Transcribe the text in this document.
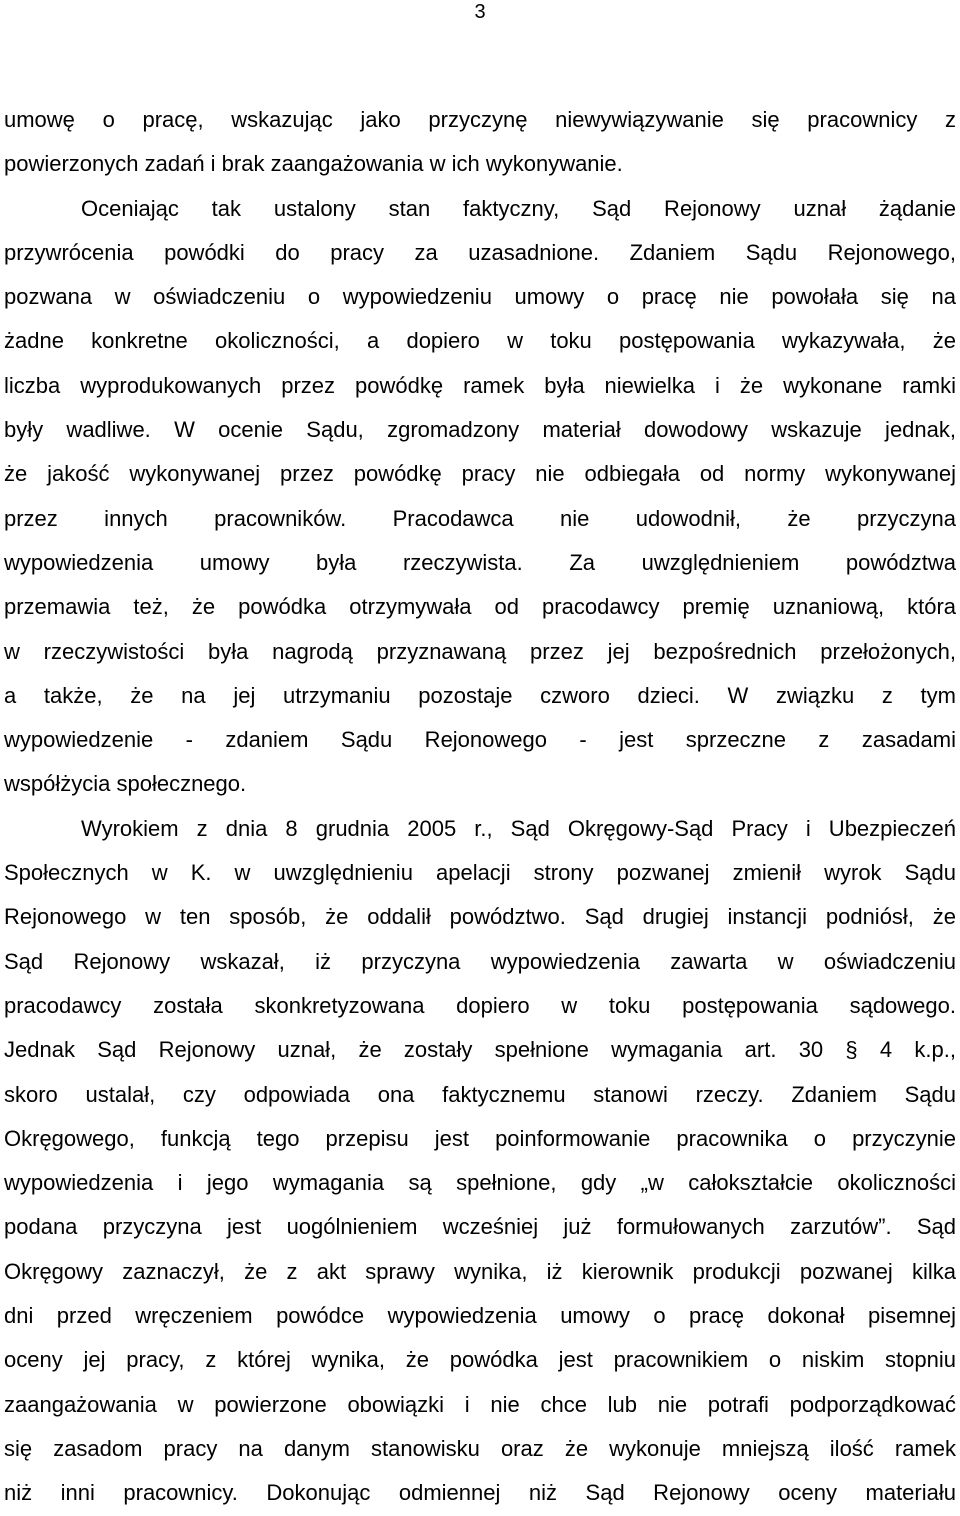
3
umowę o pracę, wskazując jako przyczynę niewywiązywanie się pracownicy z
powierzonych zadań i brak zaangażowania w ich wykonywanie.
Oceniając tak ustalony stan faktyczny, Sąd Rejonowy uznał żądanie
przywrócenia powódki do pracy za uzasadnione. Zdaniem Sądu Rejonowego,
pozwana w oświadczeniu o wypowiedzeniu umowy o pracę nie powołała się na
żadne konkretne okoliczności, a dopiero w toku postępowania wykazywała, że
liczba wyprodukowanych przez powódkę ramek była niewielka i że wykonane ramki
były wadliwe. W ocenie Sądu, zgromadzony materiał dowodowy wskazuje jednak,
że jakość wykonywanej przez powódkę pracy nie odbiegała od normy wykonywanej
przez innych pracowników. Pracodawca nie udowodnił, że przyczyna
wypowiedzenia umowy była rzeczywista. Za uwzględnieniem powództwa
przemawia też, że powódka otrzymywała od pracodawcy premię uznaniową, która
w rzeczywistości była nagrodą przyznawaną przez jej bezpośrednich przełożonych,
a także, że na jej utrzymaniu pozostaje czworo dzieci. W związku z tym
wypowiedzenie - zdaniem Sądu Rejonowego - jest sprzeczne z zasadami
współżycia społecznego.
Wyrokiem z dnia 8 grudnia 2005 r., Sąd Okręgowy-Sąd Pracy i Ubezpieczeń
Społecznych w K. w uwzględnieniu apelacji strony pozwanej zmienił wyrok Sądu
Rejonowego w ten sposób, że oddalił powództwo. Sąd drugiej instancji podniósł, że
Sąd Rejonowy wskazał, iż przyczyna wypowiedzenia zawarta w oświadczeniu
pracodawcy została skonkretyzowana dopiero w toku postępowania sądowego.
Jednak Sąd Rejonowy uznał, że zostały spełnione wymagania art. 30 § 4 k.p.,
skoro ustalał, czy odpowiada ona faktycznemu stanowi rzeczy. Zdaniem Sądu
Okręgowego, funkcją tego przepisu jest poinformowanie pracownika o przyczynie
wypowiedzenia i jego wymagania są spełnione, gdy „w całokształcie okoliczności
podana przyczyna jest uogólnieniem wcześniej już formułowanych zarzutów”. Sąd
Okręgowy zaznaczył, że z akt sprawy wynika, iż kierownik produkcji pozwanej kilka
dni przed wręczeniem powódce wypowiedzenia umowy o pracę dokonał pisemnej
oceny jej pracy, z której wynika, że powódka jest pracownikiem o niskim stopniu
zaangażowania w powierzone obowiązki i nie chce lub nie potrafi podporządkować
się zasadom pracy na danym stanowisku oraz że wykonuje mniejszą ilość ramek
niż inni pracownicy. Dokonując odmiennej niż Sąd Rejonowy oceny materiału
